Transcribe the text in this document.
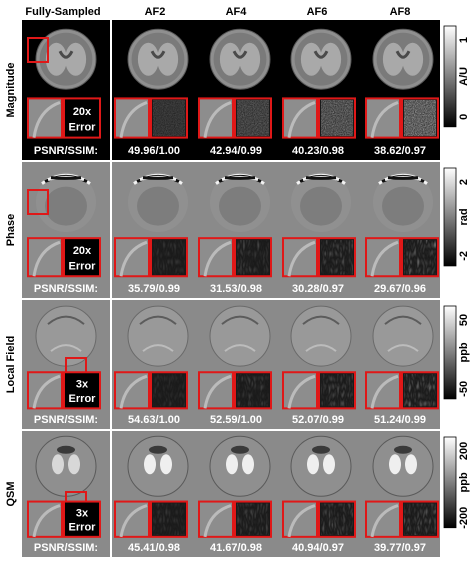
Fully-Sampled	AF2	AF4	AF6	AF8
Magnitude	20x
Error
PSNR/SSIM:	49.96/1.00	42.94/0.99	40.23/0.98	38.62/0.97
1
A/U
0
Phase
20x
Error
PSNR/SSIM:	35.79/0.99	31.53/0.98	30.28/0.97	29.67/0.96
2
rad
-2
Local Field	3x
Error
PSNR/SSIM:	54.63/1.00	52.59/1.00	52.07/0.99	51.24/0.99
50
ppb
-50
QSM
3x
Error
PSNR/SSIM:	45.41/0.98	41.67/0.98	40.94/0.97	39.77/0.97
200
ppb
-200
